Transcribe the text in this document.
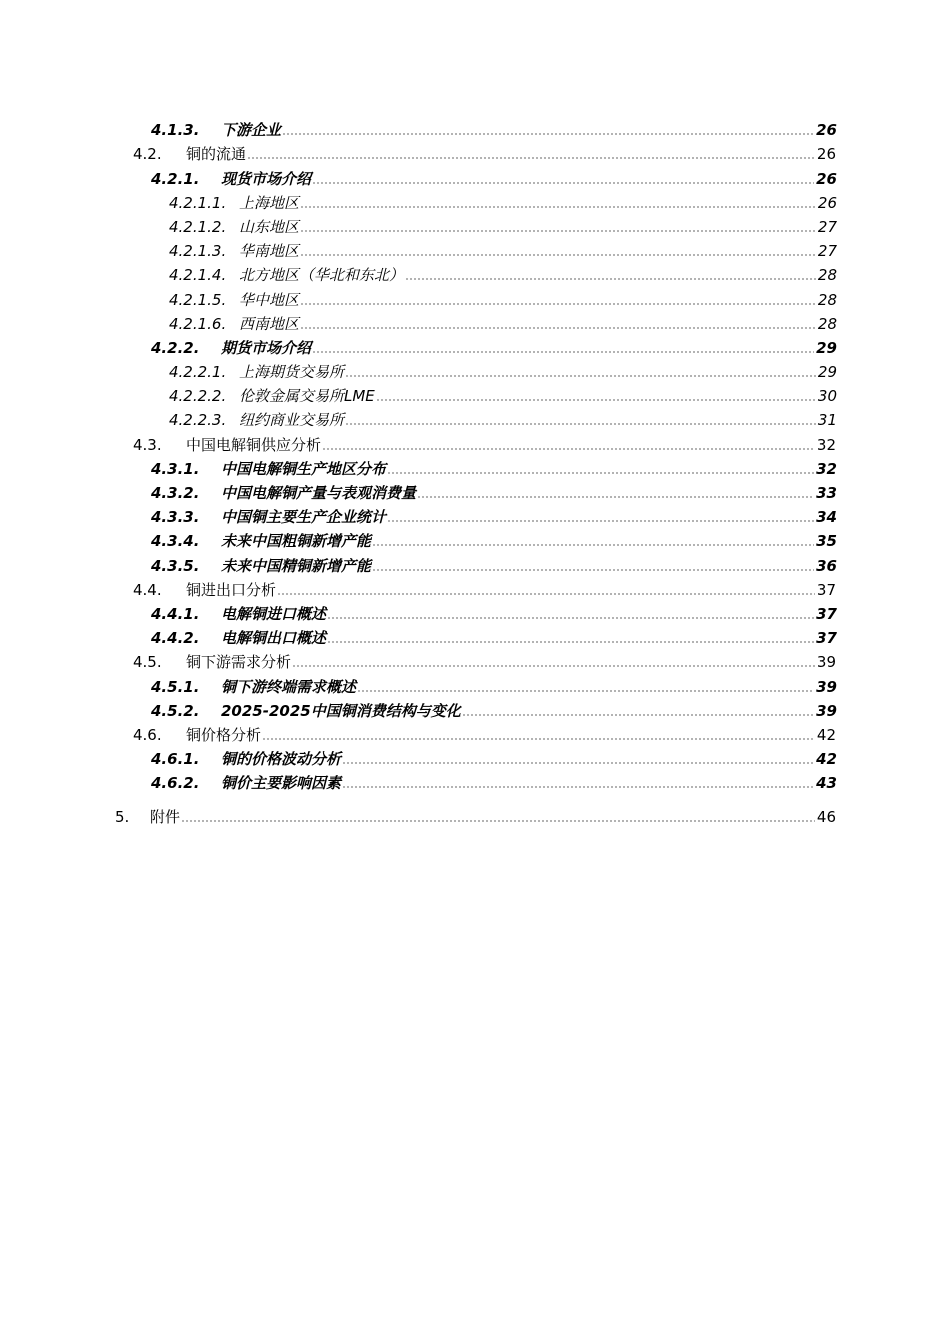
4.1.3.	下游企业	26
4.2.	铜的流通	26
4.2.1.	现货市场介绍	26
4.2.1.1. 上海地区	26
4.2.1.2. 山东地区	27
4.2.1.3. 华南地区	27
4.2.1.4. 北方地区（华北和东北）	28
4.2.1.5. 华中地区	28
4.2.1.6. 西南地区	28
4.2.2.	期货市场介绍	29
4.2.2.1. 上海期货交易所	29
4.2.2.2. 伦敦金属交易所LME	30
4.2.2.3. 纽约商业交易所	31
4.3.	中国电解铜供应分析	32
4.3.1.	中国电解铜生产地区分布	32
4.3.2.	中国电解铜产量与表观消费量	33
4.3.3.	中国铜主要生产企业统计	34
4.3.4.	未来中国粗铜新增产能	35
4.3.5.	未来中国精铜新增产能	36
4.4.	铜进出口分析	37
4.4.1.	电解铜进口概述	37
4.4.2.	电解铜出口概述	37
4.5.	铜下游需求分析	39
4.5.1.	铜下游终端需求概述	39
4.5.2.	2025-2025中国铜消费结构与变化	39
4.6.	铜价格分析	42
4.6.1.	铜的价格波动分析	42
4.6.2.	铜价主要影响因素	43
5.	附件	46
